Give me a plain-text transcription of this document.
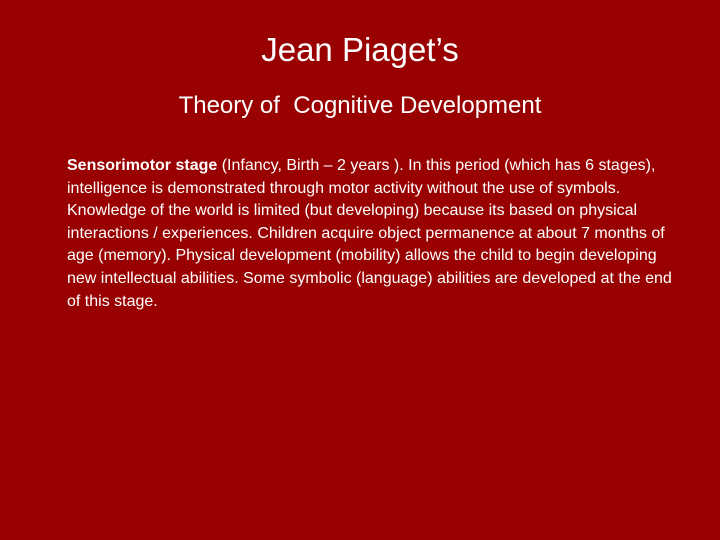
Jean Piaget’s
Theory of  Cognitive Development

Sensorimotor stage (Infancy, Birth – 2 years ). In this period (which has 6 stages), intelligence is demonstrated through motor activity without the use of symbols. Knowledge of the world is limited (but developing) because its based on physical interactions / experiences. Children acquire object permanence at about 7 months of age (memory). Physical development (mobility) allows the child to begin developing new intellectual abilities. Some symbolic (language) abilities are developed at the end of this stage.
